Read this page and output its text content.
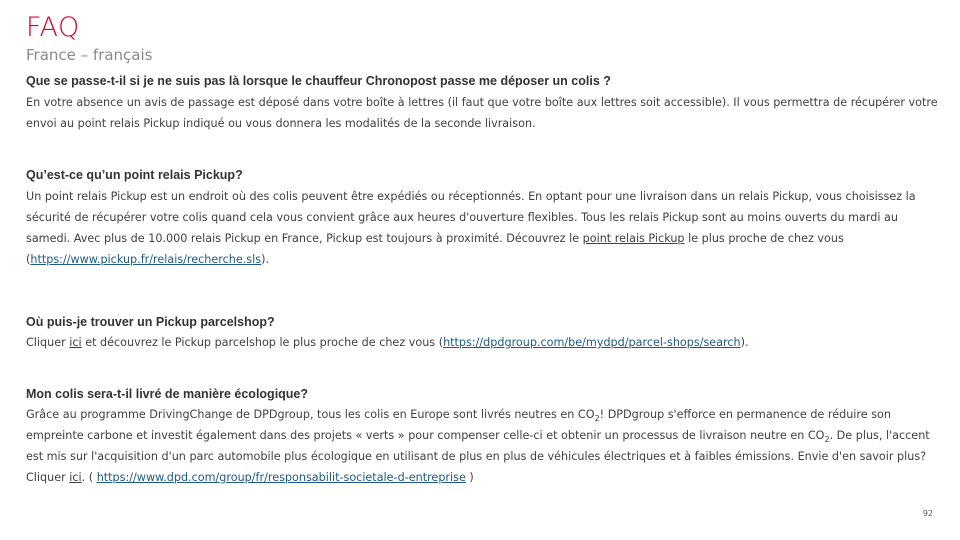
FAQ
France – français
Que se passe-t-il si je ne suis pas là lorsque le chauffeur Chronopost passe me déposer un colis ?
En votre absence un avis de passage est déposé dans votre boîte à lettres (il faut que votre boîte aux lettres soit accessible). Il vous permettra de récupérer votre envoi au point relais Pickup indiqué ou vous donnera les modalités de la seconde livraison.
Qu’est-ce qu’un point relais Pickup?
Un point relais Pickup est un endroit où des colis peuvent être expédiés ou réceptionnés. En optant pour une livraison dans un relais Pickup, vous choisissez la sécurité de récupérer votre colis quand cela vous convient grâce aux heures d'ouverture flexibles. Tous les relais Pickup sont au moins ouverts du mardi au samedi. Avec plus de 10.000 relais Pickup en France, Pickup est toujours à proximité. Découvrez le point relais Pickup le plus proche de chez vous (https://www.pickup.fr/relais/recherche.sls).
Où puis-je trouver un Pickup parcelshop?
Cliquer ici et découvrez le Pickup parcelshop le plus proche de chez vous (https://dpdgroup.com/be/mydpd/parcel-shops/search).
Mon colis sera-t-il livré de manière écologique?
Grâce au programme DrivingChange de DPDgroup, tous les colis en Europe sont livrés neutres en $CO_2$! DPDgroup s'efforce en permanence de réduire son empreinte carbone et investit également dans des projets « verts » pour compenser celle-ci et obtenir un processus de livraison neutre en $CO_2$. De plus, l'accent est mis sur l'acquisition d'un parc automobile plus écologique en utilisant de plus en plus de véhicules électriques et à faibles émissions. Envie d'en savoir plus? Cliquer ici. ( https://www.dpd.com/group/fr/responsabilit-societale-d-entreprise )
92
